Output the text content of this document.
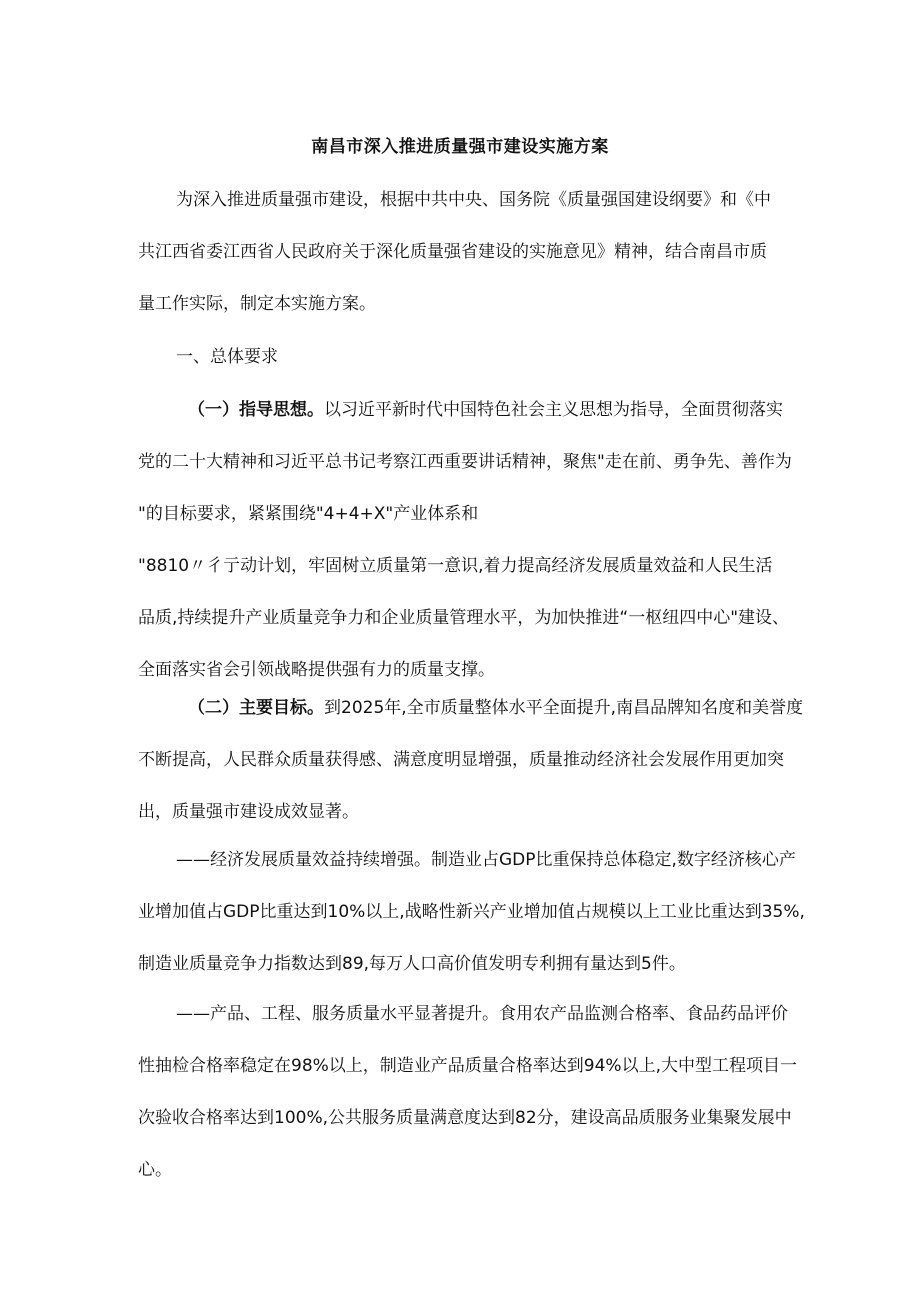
南昌市深入推进质量强市建设实施方案
为深入推进质量强市建设，根据中共中央、国务院《质量强国建设纲要》和《中
共江西省委江西省人民政府关于深化质量强省建设的实施意见》精神，结合南昌市质
量工作实际，制定本实施方案。

一、总体要求

（一）指导思想。以习近平新时代中国特色社会主义思想为指导，全面贯彻落实
党的二十大精神和习近平总书记考察江西重要讲话精神，聚焦"走在前、勇争先、善作为
"的目标要求，紧紧围绕"4+4+X"产业体系和
"8810〃彳亍动计划，牢固树立质量第一意识,着力提高经济发展质量效益和人民生活
品质,持续提升产业质量竞争力和企业质量管理水平，为加快推进“一枢纽四中心"建设、
全面落实省会引领战略提供强有力的质量支撑。
（二）主要目标。到2025年,全市质量整体水平全面提升,南昌品牌知名度和美誉度
不断提高，人民群众质量获得感、满意度明显增强，质量推动经济社会发展作用更加突
出，质量强市建设成效显著。
——经济发展质量效益持续增强。制造业占GDP比重保持总体稳定,数字经济核心产
业增加值占GDP比重达到10%以上,战略性新兴产业增加值占规模以上工业比重达到35%,
制造业质量竞争力指数达到89,每万人口高价值发明专利拥有量达到5件。
——产品、工程、服务质量水平显著提升。食用农产品监测合格率、食品药品评价
性抽检合格率稳定在98%以上，制造业产品质量合格率达到94%以上,大中型工程项目一
次验收合格率达到100%,公共服务质量满意度达到82分，建设高品质服务业集聚发展中
心。
